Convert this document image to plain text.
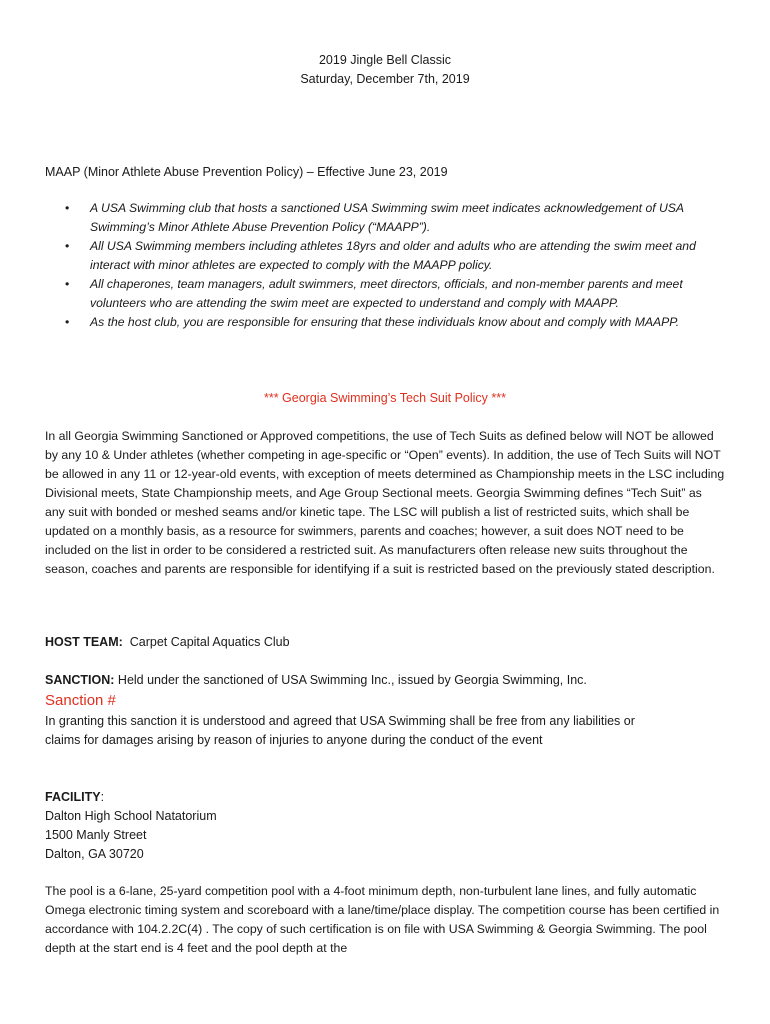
2019 Jingle Bell Classic
Saturday, December 7th, 2019
MAAP (Minor Athlete Abuse Prevention Policy) – Effective June 23, 2019
• A USA Swimming club that hosts a sanctioned USA Swimming swim meet indicates acknowledgement of USA Swimming’s Minor Athlete Abuse Prevention Policy (“MAAPP”).
• All USA Swimming members including athletes 18yrs and older and adults who are attending the swim meet and interact with minor athletes are expected to comply with the MAAPP policy.
• All chaperones, team managers, adult swimmers, meet directors, officials, and non-member parents and meet volunteers who are attending the swim meet are expected to understand and comply with MAAPP.
• As the host club, you are responsible for ensuring that these individuals know about and comply with MAAPP.
*** Georgia Swimming’s Tech Suit Policy ***
In all Georgia Swimming Sanctioned or Approved competitions, the use of Tech Suits as defined below will NOT be allowed by any 10 & Under athletes (whether competing in age-specific or “Open” events). In addition, the use of Tech Suits will NOT be allowed in any 11 or 12-year-old events, with exception of meets determined as Championship meets in the LSC including Divisional meets, State Championship meets, and Age Group Sectional meets. Georgia Swimming defines “Tech Suit” as any suit with bonded or meshed seams and/or kinetic tape. The LSC will publish a list of restricted suits, which shall be updated on a monthly basis, as a resource for swimmers, parents and coaches; however, a suit does NOT need to be included on the list in order to be considered a restricted suit. As manufacturers often release new suits throughout the season, coaches and parents are responsible for identifying if a suit is restricted based on the previously stated description.
HOST TEAM: Carpet Capital Aquatics Club
SANCTION: Held under the sanctioned of USA Swimming Inc., issued by Georgia Swimming, Inc.
Sanction #
In granting this sanction it is understood and agreed that USA Swimming shall be free from any liabilities or claims for damages arising by reason of injuries to anyone during the conduct of the event
FACILITY:
Dalton High School Natatorium
1500 Manly Street
Dalton, GA 30720
The pool is a 6-lane, 25-yard competition pool with a 4-foot minimum depth, non-turbulent lane lines, and fully automatic Omega electronic timing system and scoreboard with a lane/time/place display. The competition course has been certified in accordance with 104.2.2C(4) . The copy of such certification is on file with USA Swimming & Georgia Swimming. The pool depth at the start end is 4 feet and the pool depth at the
